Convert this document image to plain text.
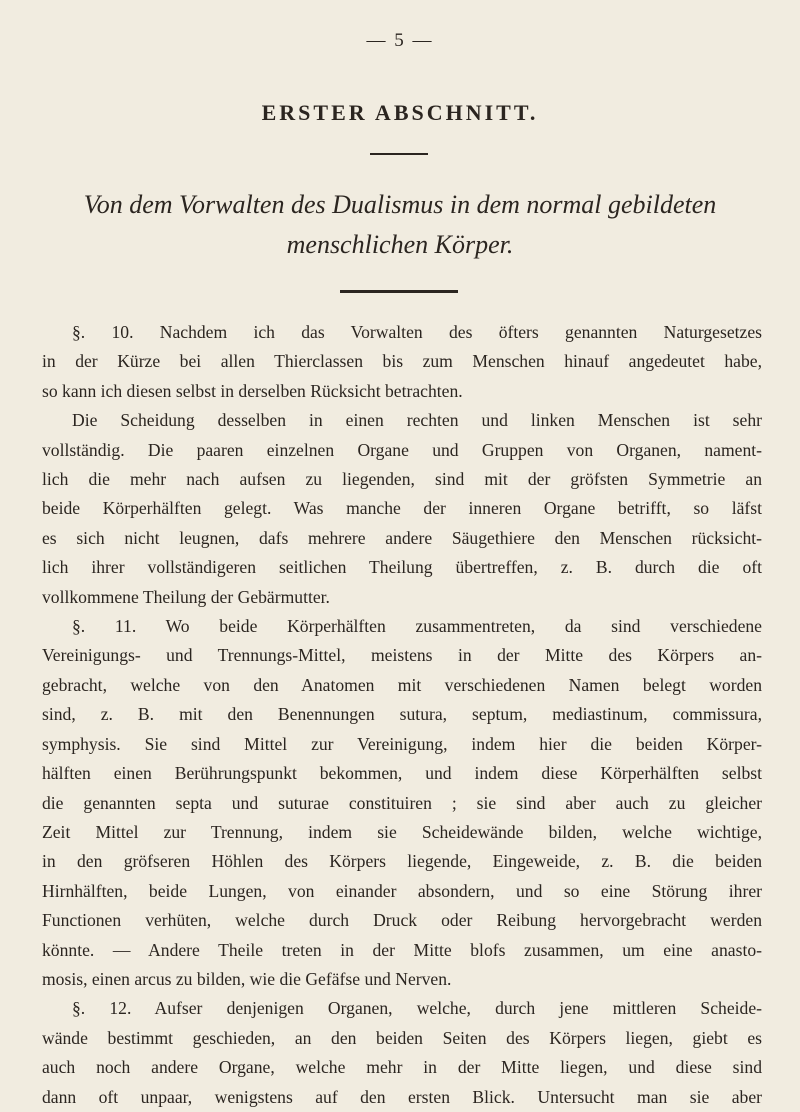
— 5 —
ERSTER ABSCHNITT.
Von dem Vorwalten des Dualismus in dem normal gebildeten
menschlichen Körper.
§. 10. Nachdem ich das Vorwalten des öfters genannten Naturgesetzes
in der Kürze bei allen Thierclassen bis zum Menschen hinauf angedeutet habe,
so kann ich diesen selbst in derselben Rücksicht betrachten.
Die Scheidung desselben in einen rechten und linken Menschen ist sehr
vollständig. Die paaren einzelnen Organe und Gruppen von Organen, nament-
lich die mehr nach aufsen zu liegenden, sind mit der gröfsten Symmetrie an
beide Körperhälften gelegt. Was manche der inneren Organe betrifft, so läfst
es sich nicht leugnen, dafs mehrere andere Säugethiere den Menschen rücksicht-
lich ihrer vollständigeren seitlichen Theilung übertreffen, z. B. durch die oft
vollkommene Theilung der Gebärmutter.
§. 11. Wo beide Körperhälften zusammentreten, da sind verschiedene
Vereinigungs- und Trennungs-Mittel, meistens in der Mitte des Körpers an-
gebracht, welche von den Anatomen mit verschiedenen Namen belegt worden
sind, z. B. mit den Benennungen sutura, septum, mediastinum, commissura,
symphysis. Sie sind Mittel zur Vereinigung, indem hier die beiden Körper-
hälften einen Berührungspunkt bekommen, und indem diese Körperhälften selbst
die genannten septa und suturae constituiren ; sie sind aber auch zu gleicher
Zeit Mittel zur Trennung, indem sie Scheidewände bilden, welche wichtige,
in den gröfseren Höhlen des Körpers liegende, Eingeweide, z. B. die beiden
Hirnhälften, beide Lungen, von einander absondern, und so eine Störung ihrer
Functionen verhüten, welche durch Druck oder Reibung hervorgebracht werden
könnte. — Andere Theile treten in der Mitte blofs zusammen, um eine anasto-
mosis, einen arcus zu bilden, wie die Gefäfse und Nerven.
§. 12. Aufser denjenigen Organen, welche, durch jene mittleren Scheide-
wände bestimmt geschieden, an den beiden Seiten des Körpers liegen, giebt es
auch noch andere Organe, welche mehr in der Mitte liegen, und diese sind
dann oft unpaar, wenigstens auf den ersten Blick. Untersucht man sie aber
